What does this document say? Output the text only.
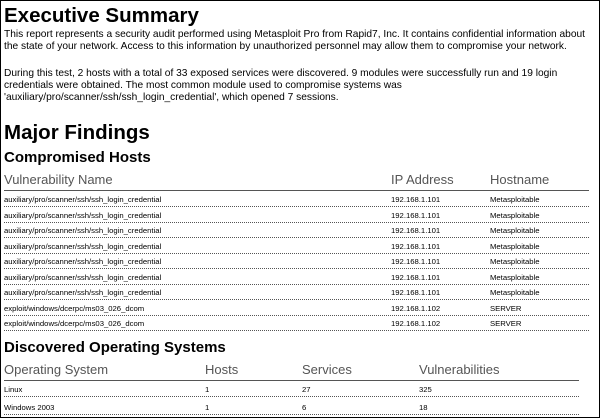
Executive Summary

This report represents a security audit performed using Metasploit Pro from Rapid7, Inc. It contains confidential information about the state of your network. Access to this information by unauthorized personnel may allow them to compromise your network.

During this test, 2 hosts with a total of 33 exposed services were discovered. 9 modules were successfully run and 19 login credentials were obtained. The most common module used to compromise systems was 'auxiliary/pro/scanner/ssh/ssh_login_credential', which opened 7 sessions.

Major Findings
Compromised Hosts
Vulnerability Name	IP Address	Hostname
auxiliary/pro/scanner/ssh/ssh_login_credential	192.168.1.101	Metasploitable
auxiliary/pro/scanner/ssh/ssh_login_credential	192.168.1.101	Metasploitable
auxiliary/pro/scanner/ssh/ssh_login_credential	192.168.1.101	Metasploitable
auxiliary/pro/scanner/ssh/ssh_login_credential	192.168.1.101	Metasploitable
auxiliary/pro/scanner/ssh/ssh_login_credential	192.168.1.101	Metasploitable
auxiliary/pro/scanner/ssh/ssh_login_credential	192.168.1.101	Metasploitable
auxiliary/pro/scanner/ssh/ssh_login_credential	192.168.1.101	Metasploitable
exploit/windows/dcerpc/ms03_026_dcom	192.168.1.102	SERVER
exploit/windows/dcerpc/ms03_026_dcom	192.168.1.102	SERVER
Discovered Operating Systems
Operating System	Hosts	Services	Vulnerabilities
Linux	1	27	325
Windows 2003	1	6	18
